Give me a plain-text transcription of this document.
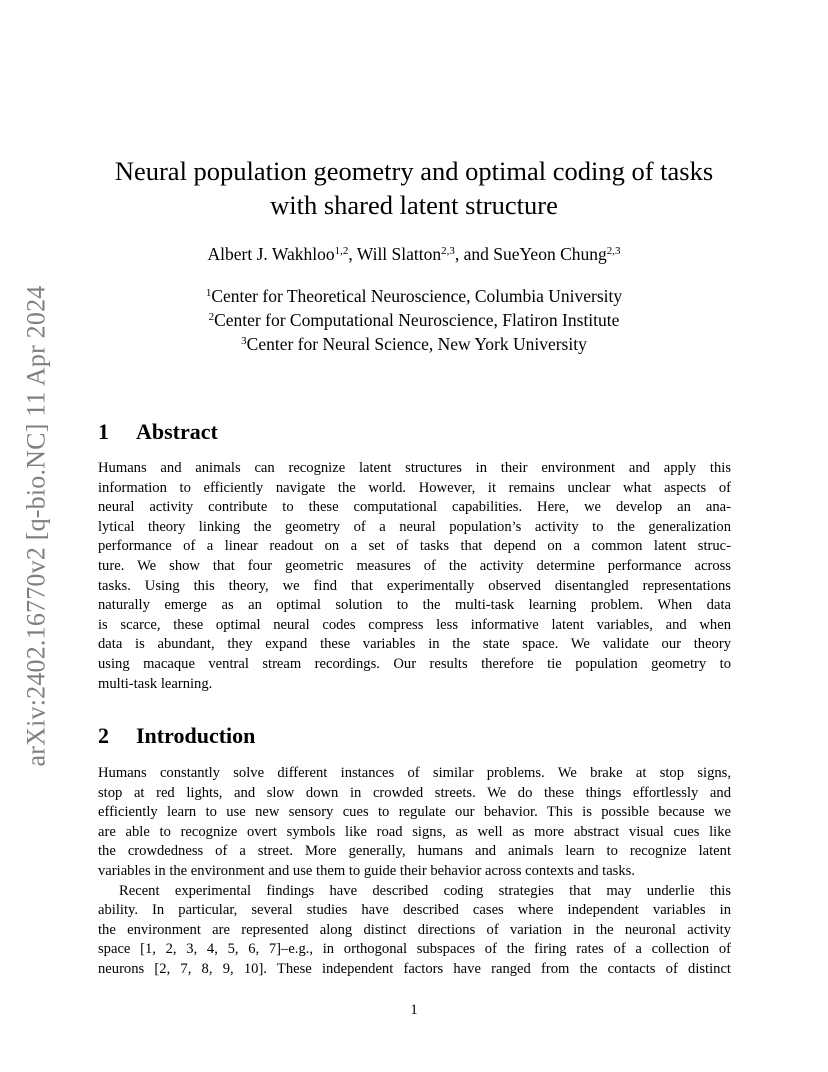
arXiv:2402.16770v2 [q-bio.NC] 11 Apr 2024
Neural population geometry and optimal coding of tasks
with shared latent structure
Albert J. Wakhloo$^{1,2}$, Will Slatton$^{2,3}$, and SueYeon Chung$^{2,3}$
$^1$Center for Theoretical Neuroscience, Columbia University
$^2$Center for Computational Neuroscience, Flatiron Institute
$^3$Center for Neural Science, New York University
1 Abstract
Humans and animals can recognize latent structures in their environment and apply this
information to efficiently navigate the world. However, it remains unclear what aspects of
neural activity contribute to these computational capabilities. Here, we develop an ana-
lytical theory linking the geometry of a neural population’s activity to the generalization
performance of a linear readout on a set of tasks that depend on a common latent struc-
ture. We show that four geometric measures of the activity determine performance across
tasks. Using this theory, we find that experimentally observed disentangled representations
naturally emerge as an optimal solution to the multi-task learning problem. When data
is scarce, these optimal neural codes compress less informative latent variables, and when
data is abundant, they expand these variables in the state space. We validate our theory
using macaque ventral stream recordings. Our results therefore tie population geometry to
multi-task learning.
2 Introduction
Humans constantly solve different instances of similar problems. We brake at stop signs,
stop at red lights, and slow down in crowded streets. We do these things effortlessly and
efficiently learn to use new sensory cues to regulate our behavior. This is possible because we
are able to recognize overt symbols like road signs, as well as more abstract visual cues like
the crowdedness of a street. More generally, humans and animals learn to recognize latent
variables in the environment and use them to guide their behavior across contexts and tasks.
Recent experimental findings have described coding strategies that may underlie this
ability. In particular, several studies have described cases where independent variables in
the environment are represented along distinct directions of variation in the neuronal activity
space [1, 2, 3, 4, 5, 6, 7]–e.g., in orthogonal subspaces of the firing rates of a collection of
neurons [2, 7, 8, 9, 10]. These independent factors have ranged from the contacts of distinct
1
